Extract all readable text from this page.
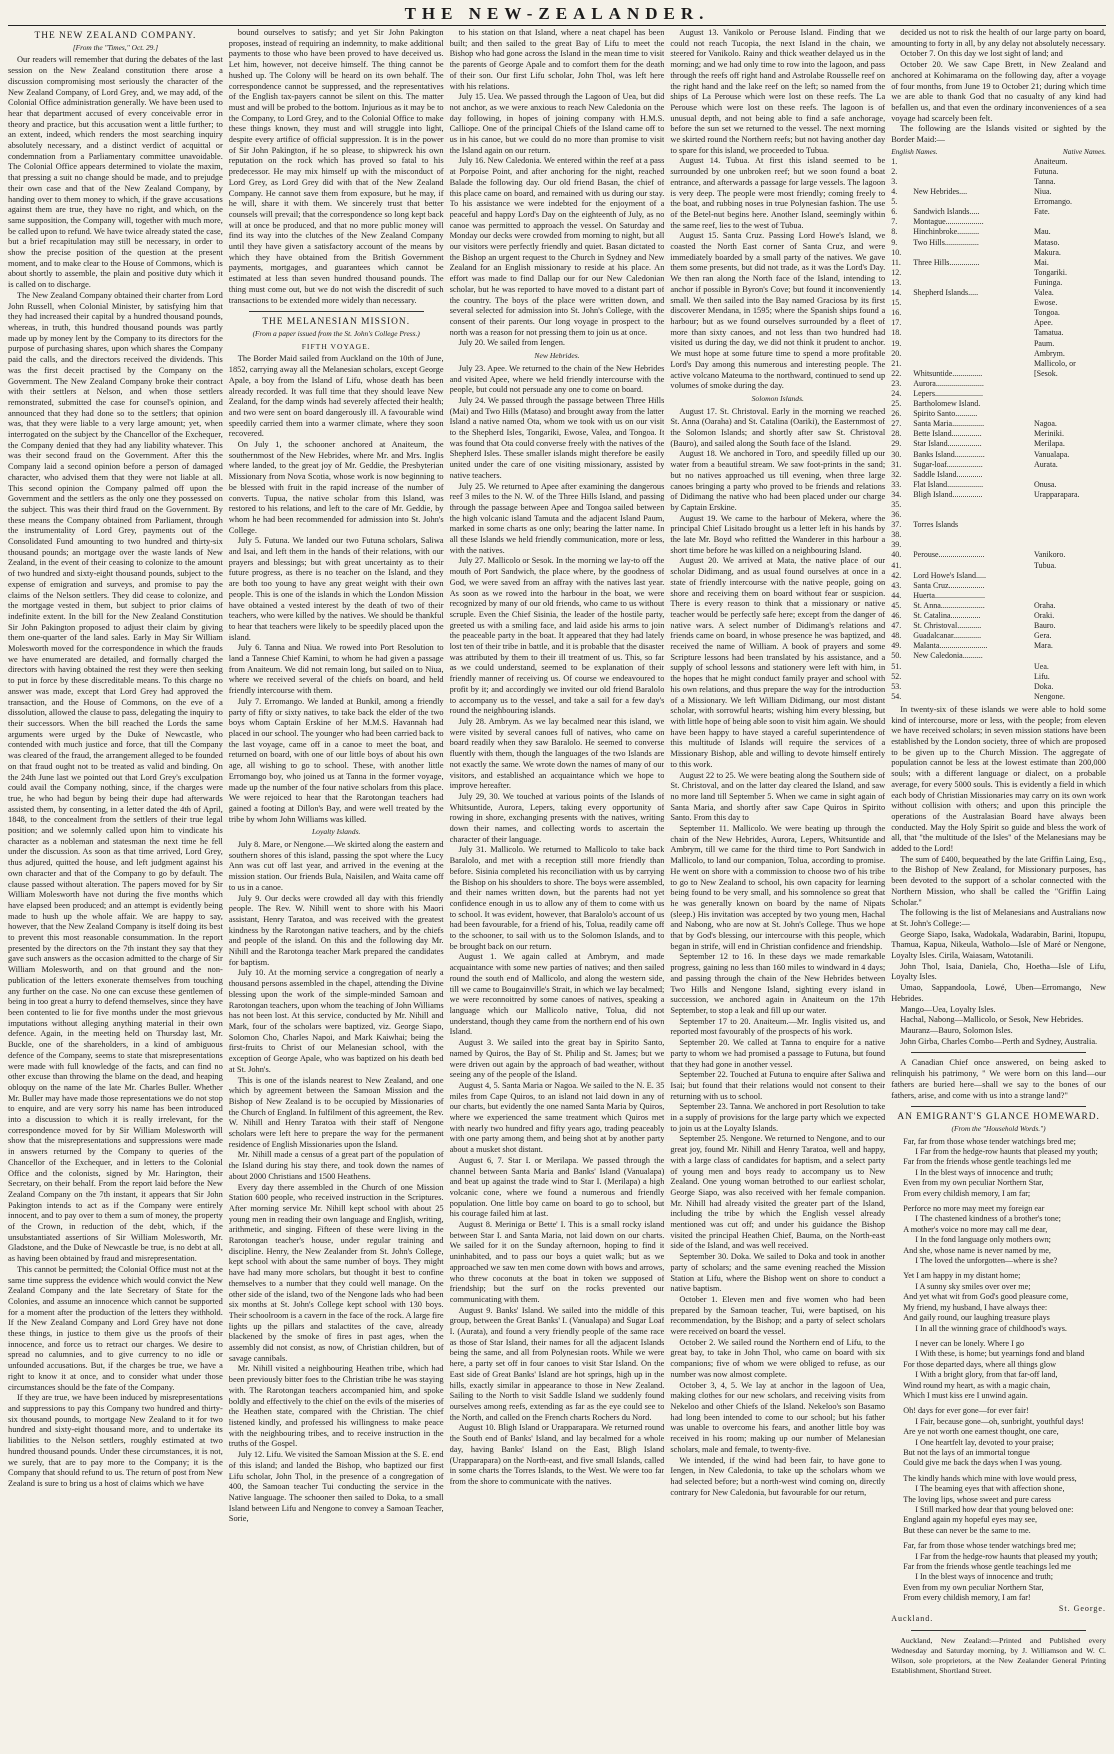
THE NEW-ZEALANDER.
THE NEW ZEALAND COMPANY.
[From the "Times," Oct. 29.]

Our readers will remember that during the debates of the last session on the New Zealand constitution there arose a discussion compromising most seriously the character of the New Zealand Company, of Lord Grey, and, we may add, of the Colonial Office administration generally. We have been used to hear that department accused of every conceivable error in theory and practice, but this accusation went a little further; to an extent, indeed, which renders the most searching inquiry absolutely necessary, and a distinct verdict of acquittal or condemnation from a Parliamentary committee unavoidable. The Colonial Office appears determined to violate the maxim, that pressing a suit no change should be made, and to prejudge their own case and that of the New Zealand Company, by handing over to them money to which, if the grave accusations against them are true, they have no right, and which, on the same supposition, the Company will, together with much more, be called upon to refund. We have twice already stated the case, but a brief recapitulation may still be necessary, in order to show the precise position of the question at the present moment, and to make clear to the House of Commons, which is about shortly to assemble, the plain and positive duty which it is called on to discharge.

The New Zealand Company obtained their charter from Lord John Russell, when Colonial Minister, by satisfying him that they had increased their capital by a hundred thousand pounds, whereas, in truth, this hundred thousand pounds was partly made up by money lent by the Company to its directors for the purpose of purchasing shares, upon which shares the Company paid the calls, and the directors received the dividends. This was the first deceit practised by the Company on the Government. The New Zealand Company broke their contract with their settlers at Nelson, and when those settlers remonstrated, submitted the case for counsel's opinion, and announced that they had done so to the settlers; that opinion was, that they were liable to a very large amount; yet, when interrogated on the subject by the Chancellor of the Exchequer, the Company denied that they had any liability whatever. This was their second fraud on the Government. After this the Company laid a second opinion before a person of damaged character, who advised them that they were not liable at all. This second opinion the Company palmed off upon the Government and the settlers as the only one they possessed on the subject. This was their third fraud on the Government. By these means the Company obtained from Parliament, through the instrumentality of Lord Grey, payments out of the Consolidated Fund amounting to two hundred and thirty-six thousand pounds; an mortgage over the waste lands of New Zealand, in the event of their ceasing to colonize to the amount of two hundred and sixty-eight thousand pounds, subject to the expense of emigration and surveys, and promise to pay the claims of the Nelson settlers. They did cease to colonize, and the mortgage vested in them, but subject to prior claims of indefinite extent. In the bill for the New Zealand Constitution Sir John Pakington proposed to adjust their claim by giving them one-quarter of the land sales. Early in May Sir William Molesworth moved for the correspondence in which the frauds we have enumerated are detailed, and formally charged the directors with having obtained the rest they were then seeking to put in force by these discreditable means. To this charge no answer was made, except that Lord Grey had approved the transaction, and the House of Commons, on the eve of a dissolution, allowed the clause to pass, delegating the inquiry to their successors. When the bill reached the Lords the same arguments were urged by the Duke of Newcastle, who contended with much justice and force, that till the Company was cleared of the fraud, the arrangement alleged to be founded on that fraud ought not to be treated as valid and binding. On the 24th June last we pointed out that Lord Grey's exculpation could avail the Company nothing, since, if the charges were true, he who had begun by being their dupe had afterwards assisted them, by consenting, in a letter dated the 4th of April, 1848, to the concealment from the settlers of their true legal position; and we solemnly called upon him to vindicate his character as a nobleman and statesman the next time he fell under the discussion. As soon as that time arrived, Lord Grey, thus adjured, quitted the house, and left judgment against his own character and that of the Company to go by default. The clause passed without alteration. The papers moved for by Sir William Molesworth have not during the five months which have elapsed been produced; and an attempt is evidently being made to hush up the whole affair. We are happy to say, however, that the New Zealand Company is itself doing its best to prevent this most reasonable consummation. In the report presented by the directors on the 7th instant they say that they gave such answers as the occasion admitted to the charge of Sir William Molesworth, and on that ground and the non-publication of the letters exonerate themselves from touching any further on the case. No one can excuse these gentlemen of being in too great a hurry to defend themselves, since they have been contented to lie for five months under the most grievous imputations without alleging anything material in their own defence. Again, in the meeting held on Thursday last, Mr. Buckle, one of the shareholders, in a kind of ambiguous defence of the Company, seems to state that misrepresentations were made with full knowledge of the facts, and can find no other excuse than throwing the blame on the dead, and heaping obloquy on the name of the late Mr. Charles Buller. Whether Mr. Buller may have made those representations we do not stop to enquire, and are very sorry his name has been introduced into a discussion to which it is really irrelevant, for the correspondence moved for by Sir William Molesworth will show that the misrepresentations and suppressions were made in answers returned by the Company to queries of the Chancellor of the Exchequer, and in letters to the Colonial Office and the colonists, signed by Mr. Harington, their Secretary, on their behalf. From the report laid before the New Zealand Company on the 7th instant, it appears that Sir John Pakington intends to act as if the Company were entirely innocent, and to pay over to them a sum of money, the property of the Crown, in reduction of the debt, which, if the unsubstantiated assertions of Sir William Molesworth, Mr. Gladstone, and the Duke of Newcastle be true, is no debt at all, as having been obtained by fraud and misrepresentation.

This cannot be permitted; the Colonial Office must not at the same time suppress the evidence which would convict the New Zealand Company and the late Secretary of State for the Colonies, and assume an innocence which cannot be supported for a moment after the production of the letters they withhold. If the New Zealand Company and Lord Grey have not done these things, in justice to them give us the proofs of their innocence, and force us to retract our charges. We desire to spread no calumnies, and to give currency to no idle or unfounded accusations. But, if the charges be true, we have a right to know it at once, and to consider what under those circumstances should be the fate of the Company.

If they are true, we have been induced by misrepresentations and suppressions to pay this Company two hundred and thirty-six thousand pounds, to mortgage New Zealand to it for two hundred and sixty-eight thousand more, and to undertake its liabilities to the Nelson settlers, roughly estimated at two hundred thousand pounds. Under these circumstances, it is not, we surely, that are to pay more to the Company; it is the Company that should refund to us. The return of post from New Zealand is sure to bring us a host of claims which we have

bound ourselves to satisfy; and yet Sir John Pakington proposes, instead of requiring an indemnity, to make additional payments to those who have been proved to have deceived us. Let him, however, not deceive himself. The thing cannot be hushed up. The Colony will be heard on its own behalf. The correspondence cannot be suppressed, and the representatives of the English tax-payers cannot be silent on this. The matter must and will be probed to the bottom. Injurious as it may be to the Company, to Lord Grey, and to the Colonial Office to make these things known, they must and will struggle into light, despite every artifice of official suppression. It is in the power of Sir John Pakington, if he so please, to shipwreck his own reputation on the rock which has proved so fatal to his predecessor. He may mix himself up with the misconduct of Lord Grey, as Lord Grey did with that of the New Zealand Company. He cannot save them from exposure, but he may, if he will, share it with them. We sincerely trust that better counsels will prevail; that the correspondence so long kept back will at once be produced, and that no more public money will find its way into the clutches of the New Zealand Company until they have given a satisfactory account of the means by which they have obtained from the British Government payments, mortgages, and guarantees which cannot be estimated at less than seven hundred thousand pounds. The thing must come out, but we do not wish the discredit of such transactions to be extended more widely than necessary.

THE MELANESIAN MISSION.
(From a paper issued from the St. John's College Press.)
FIFTH VOYAGE.

The Border Maid sailed from Auckland on the 10th of June, 1852, carrying away all the Melanesian scholars, except George Apale, a boy from the Island of Lifu, whose death has been already recorded. It was full time that they should leave New Zealand, for the damp winds had severely affected their health; and two were sent on board dangerously ill. A favourable wind speedily carried them into a warmer climate, where they soon recovered.

On July 1, the schooner anchored at Anaiteum, the southernmost of the New Hebrides, where Mr. and Mrs. Inglis where landed, to the great joy of Mr. Geddie, the Presbyterian Missionary from Nova Scotia, whose work is now beginning to be blessed with fruit in the rapid increase of the number of converts. Tupua, the native scholar from this Island, was restored to his relations, and left to the care of Mr. Geddie, by whom he had been recommended for admission into St. John's College.

July 5. Futuna. We landed our two Futuna scholars, Saliwa and Isai, and left them in the hands of their relations, with our prayers and blessings; but with great uncertainty as to their future progress, as there is no teacher on the Island, and they are both too young to have any great weight with their own people. This is one of the islands in which the London Mission have obtained a vested interest by the death of two of their teachers, who were killed by the natives. We should be thankful to hear that teachers were likely to be speedily placed upon the island.

July 6. Tanna and Niua. We rowed into Port Resolution to land a Tannese Chief Kamini, to whom he had given a passage from Anaiteum. We did not remain long, but sailed on to Niua, where we received several of the chiefs on board, and held friendly intercourse with them.

July 7. Erromango. We landed at Bunkil, among a friendly party of fifty or sixty natives, to take back the elder of the two boys whom Captain Erskine of her M.M.S. Havannah had placed in our school. The younger who had been carried back to the last voyage, came off in a canoe to meet the boat, and returned on board, with one of our little boys of about his own age, all wishing to go to school. These, with another little Erromango boy, who joined us at Tanna in the former voyage, made up the number of the four native scholars from this place. We were rejoiced to hear that the Rarotongan teachers had gained a footing at Dillon's Bay, and were well treated by the tribe by whom John Williams was killed.

Loyalty Islands.

July 8. Mare, or Nengone.—We skirted along the eastern and southern shores of this island, passing the spot where the Lucy Ann was cut off last year, and arrived in the evening at the mission station. Our friends Bula, Naisilen, and Waita came off to us in a canoe.

July 9. Our decks were crowded all day with this friendly people. The Rev. W. Nihill went to shore with his Maori assistant, Henry Taratoa, and was received with the greatest kindness by the Rarotongan native teachers, and by the chiefs and people of the island. On this and the following day Mr. Nihill and the Rarotonga teacher Mark prepared the candidates for baptism.

July 10. At the morning service a congregation of nearly a thousand persons assembled in the chapel, attending the Divine blessing upon the work of the simple-minded Samoan and Rarotongan teachers, upon whom the teaching of John Williams has not been lost. At this service, conducted by Mr. Nihill and Mark, four of the scholars were baptized, viz. George Siapo, Solomon Cho, Charles Napoi, and Mark Kaiwhai; being the first-fruits to Christ of our Melanesian school, with the exception of George Apale, who was baptized on his death bed at St. John's.

This is one of the islands nearest to New Zealand, and one which by agreement between the Samoan Mission and the Bishop of New Zealand is to be occupied by Missionaries of the Church of England. In fulfilment of this agreement, the Rev. W. Nihill and Henry Taratoa with their staff of Nengone scholars were left here to prepare the way for the permanent residence of English Missionaries upon the Island.

Mr. Nihill made a census of a great part of the population of the Island during his stay there, and took down the names of about 2000 Christians and 1500 Heathens.

Every day there assembled in the Church of one Mission Station 600 people, who received instruction in the Scriptures. After morning service Mr. Nihill kept school with about 25 young men in reading their own language and English, writing, arithmetic, and singing. Fifteen of these were living in the Rarotongan teacher's house, under regular training and discipline. Henry, the New Zealander from St. John's College, kept school with about the same number of boys. They might have had many more scholars, but thought it best to confine themselves to a number that they could well manage. On the other side of the island, two of the Nengone lads who had been six months at St. John's College kept school with 130 boys. Their schoolroom is a cavern in the face of the rock. A large fire lights up the pillars and stalactites of the cave, already blackened by the smoke of fires in past ages, when the assembly did not consist, as now, of Christian children, but of savage cannibals.

Mr. Nihill visited a neighbouring Heathen tribe, which had been previously bitter foes to the Christian tribe he was staying with. The Rarotongan teachers accompanied him, and spoke boldly and effectively to the chief on the evils of the miseries of the Heathen state, compared with the Christian. The chief listened kindly, and professed his willingness to make peace with the neighbouring tribes, and to receive instruction in the truths of the Gospel.

July 12. Lifu. We visited the Samoan Mission at the S. E. end of this island; and landed the Bishop, who baptized our first Lifu scholar, John Thol, in the presence of a congregation of 400, the Samoan teacher Tui conducting the service in the Native language. The schooner then sailed to Doka, to a small Island between Lifu and Nengone to convey a Samoan Teacher, Sorie,

to his station on that Island, where a neat chapel has been built; and then sailed to the great Bay of Lifu to meet the Bishop who had gone across the Island in the mean time to visit the parents of George Apale and to comfort them for the death of their son. Our first Lifu scholar, John Thol, was left here with his relations.

July 15. Uea. We passed through the Lagoon of Uea, but did not anchor, as we were anxious to reach New Caledonia on the day following, in hopes of joining company with H.M.S. Calliope. One of the principal Chiefs of the Island came off to us in his canoe, but we could do no more than promise to visit the Island again on our return.

July 16. New Caledonia. We entered within the reef at a pass at Porpoise Point, and after anchoring for the night, reached Balade the following day. Our old friend Basan, the chief of this place came on board, and remained with us during our stay. To his assistance we were indebted for the enjoyment of a peaceful and happy Lord's Day on the eighteenth of July, as no canoe was permitted to approach the vessel. On Saturday and Monday our decks were crowded from morning to night, but all our visitors were perfectly friendly and quiet. Basan dictated to the Bishop an urgent request to the Church in Sydney and New Zealand for an English missionary to reside at his place. An effort was made to find Dallap our for our New Caledonian scholar, but he was reported to have moved to a distant part of the country. The boys of the place were written down, and several selected for admission into St. John's College, with the consent of their parents. Our long voyage in prospect to the north was a reason for not pressing them to join us at once.

July 20. We sailed from Iengen.

New Hebrides.

July 23. Apee. We returned to the chain of the New Hebrides and visited Apee, where we held friendly intercourse with the people, but could not persuade any one to come on board.

July 24. We passed through the passage between Three Hills (Mai) and Two Hills (Mataso) and brought away from the latter Island a native named Ota, whom we took with us on our visit to the Shepherd Isles, Tongariki, Ewose, Valea, and Tongoa. It was found that Ota could converse freely with the natives of the Shepherd Isles. These smaller islands might therefore be easily united under the care of one visiting missionary, assisted by native teachers.

July 25. We returned to Apee after examining the dangerous reef 3 miles to the N. W. of the Three Hills Island, and passing through the passage between Apee and Tongoa sailed between the high volcanic island Tamuta and the adjacent Island Paum, marked in some charts as one only; bearing the latter name. In all these Islands we held friendly communication, more or less, with the natives.

July 27. Mallicolo or Sesok. In the morning we lay-to off the mouth of Port Sandwich, the place where, by the goodness of God, we were saved from an affray with the natives last year. As soon as we rowed into the harbour in the boat, we were recognized by many of our old friends, who came to us without scruple. Even the Chief Sisinia, the leader of the hostile party, greeted us with a smiling face, and laid aside his arms to join the peaceable party in the boat. It appeared that they had lately lost ten of their tribe in battle, and it is probable that the disaster was attributed by them to their ill treatment of us. This, so far as we could understand, seemed to be explanation of their friendly manner of receiving us. Of course we endeavoured to profit by it; and accordingly we invited our old friend Baralolo to accompany us to the vessel, and take a sail for a few day's round the neighbouring islands.

July 28. Ambrym. As we lay becalmed near this island, we were visited by several canoes full of natives, who came on board readily when they saw Baralolo. He seemed to converse fluently with them, though the languages of the two Islands are not exactly the same. We wrote down the names of many of our visitors, and established an acquaintance which we hope to improve hereafter.

July 29, 30. We touched at various points of the Islands of Whitsuntide, Aurora, Lepers, taking every opportunity of rowing in shore, exchanging presents with the natives, writing down their names, and collecting words to ascertain the character of their language.

July 31. Mallicolo. We returned to Mallicolo to take back Baralolo, and met with a reception still more friendly than before. Sisinia completed his reconciliation with us by carrying the Bishop on his shoulders to shore. The boys were assembled, and their names written down, but the parents had not yet confidence enough in us to allow any of them to come with us to school. It was evident, however, that Baralolo's account of us had been favourable, for a friend of his, Tolua, readily came off to the schooner, to sail with us to the Solomon Islands, and to be brought back on our return.

August 1. We again called at Ambrym, and made acquaintance with some new parties of natives; and then sailed round the south end of Mallicolo, and along the western side, till we came to Bougainville's Strait, in which we lay becalmed; we were reconnoitred by some canoes of natives, speaking a language which our Mallicolo native, Tolua, did not understand, though they came from the northern end of his own Island.

August 3. We sailed into the great bay in Spirito Santo, named by Quiros, the Bay of St. Philip and St. James; but we were driven out again by the approach of bad weather, without seeing any of the people of the Island.

August 4, 5. Santa Maria or Nagoa. We sailed to the N. E. 35 miles from Cape Quiros, to an island not laid down in any of our charts, but evidently the one named Santa Maria by Quiros, where we experienced the same treatment which Quiros met with nearly two hundred and fifty years ago, trading peaceably with one party among them, and being shot at by another party about a musket shot distant.

August 6, 7. Star I. or Merilapa. We passed through the channel between Santa Maria and Banks' Island (Vanualapa) and beat up against the trade wind to Star I. (Merilapa) a high volcanic cone, where we found a numerous and friendly population. One little boy came on board to go to school, but his courage failed him at last.

August 8. Meriniga or Bette' I. This is a small rocky island between Star I. and Santa Maria, not laid down on our charts. We sailed for it on the Sunday afternoon, hoping to find it uninhabited, and to pass our boys a quiet walk; but as we approached we saw ten men come down with bows and arrows, who threw coconuts at the boat in token we supposed of friendship; but the surf on the rocks prevented our communicating with them.

August 9. Banks' Island. We sailed into the middle of this group, between the Great Banks' I. (Vanualapa) and Sugar Loaf I. (Aurata), and found a very friendly people of the same race as those of Star Island, their names for all the adjacent Islands being the same, and all from Polynesian roots. While we were here, a party set off in four canoes to visit Star Island. On the East side of Great Banks' Island are hot springs, high up in the hills, exactly similar in appearance to those in New Zealand. Sailing to the North to visit Saddle Island we suddenly found ourselves among reefs, extending as far as the eye could see to the North, and called on the French charts Rochers du Nord.

August 10. Bligh Island or Urapparapara. We returned round the South end of Banks' Island, and lay becalmed for a whole day, having Banks' Island on the East, Bligh Island (Urapparapara) on the North-east, and five small Islands, called in some charts the Torres Islands, to the West. We were too far from the shore to communicate with the natives.

August 13. Vanikolo or Perouse Island. Finding that we could not reach Tucopia, the next Island in the chain, we steered for Vanikolo. Rainy and thick weather delayed us in the morning; and we had only time to row into the lagoon, and pass through the reefs off right hand and Astrolabe Rousselle reef on the right hand and the lake reef on the left; so named from the ships of La Perouse which were lost on these reefs. The La Perouse which were lost on these reefs. The lagoon is of unusual depth, and not being able to find a safe anchorage, before the sun set we returned to the vessel. The next morning we skirted round the Northern reefs; but not having another day to spare for this island, we proceeded to Tubua.

August 14. Tubua. At first this island seemed to be surrounded by one unbroken reef; but we soon found a boat entrance, and afterwards a passage for large vessels. The lagoon is very deep. The people were most friendly; coming freely to the boat, and rubbing noses in true Polynesian fashion. The use of the Betel-nut begins here. Another Island, seemingly within the same reef, lies to the west of Tubua.

August 15. Santa Cruz. Passing Lord Howe's Island, we coasted the North East corner of Santa Cruz, and were immediately boarded by a small party of the natives. We gave them some presents, but did not trade, as it was the Lord's Day. We then ran along the North face of the Island, intending to anchor if possible in Byron's Cove; but found it inconveniently small. We then sailed into the Bay named Graciosa by its first discoverer Mendana, in 1595; where the Spanish ships found a harbour; but as we found ourselves surrounded by a fleet of more than sixty canoes, and not less than two hundred had visited us during the day, we did not think it prudent to anchor. We must hope at some future time to spend a more profitable Lord's Day among this numerous and interesting people. The active volcano Mateuma to the northward, continued to send up volumes of smoke during the day.

Solomon Islands.

August 17. St. Christoval. Early in the morning we reached St. Anna (Oaraha) and St. Catalina (Oariki), the Easternmost of the Solomon Islands; and shortly after saw St. Christoval (Bauro), and sailed along the South face of the Island.

August 18. We anchored in Toro, and speedily filled up our water from a beautiful stream. We saw foot-prints in the sand; but no natives approached us till evening, when three large canoes bringing a party who proved to be friends and relations of Didimang the native who had been placed under our charge by Captain Erskine.

August 19. We came to the harbour of Mekera, where the principal Chief Lisitado brought us a letter left in his hands by the late Mr. Boyd who refitted the Wanderer in this harbour a short time before he was killed on a neighbouring Island.

August 20. We arrived at Mata, the native place of our scholar Didimang, and as usual found ourselves at once in a state of friendly intercourse with the native people, going on shore and receiving them on board without fear or suspicion. There is every reason to think that a missionary or native teacher would be perfectly safe here; except from the danger of native wars. A select number of Didimang's relations and friends came on board, in whose presence he was baptized, and received the name of William. A book of prayers and some Scripture lessons had been translated by his assistance, and a supply of school lessons and stationery were left with him, in the hopes that he might conduct family prayer and school with his own relations, and thus prepare the way for the introduction of a Missionary. We left William Didimang, our most distant scholar, with sorrowful hearts; wishing him every blessing, but with little hope of being able soon to visit him again. We should have been happy to have stayed a careful superintendence of this multitude of Islands will require the services of a Missionary Bishop, able and willing to devote himself entirely to this work.

August 22 to 25. We were beating along the Southern side of St. Christoval, and on the latter day cleared the Island, and saw no more land till September 5. When we came in sight again of Santa Maria, and shortly after saw Cape Quiros in Spirito Santo. From this day to

September 11. Mallicolo. We were beating up through the chain of the New Hebrides, Aurora, Lepers, Whitsuntide and Ambrym, till we came for the third time to Port Sandwich in Mallicolo, to land our companion, Tolua, according to promise. He went on shore with a commission to choose two of his tribe to go to New Zealand to school, his own capacity for learning being found to be very small, and his somnolence so great that he was generally known on board by the name of Nipats (sleep.) His invitation was accepted by two young men, Hachal and Nabong, who are now at St. John's College. Thus we hope that by God's blessing, our intercourse with this people, which began in strife, will end in Christian confidence and friendship.

September 12 to 16. In these days we made remarkable progress, gaining no less than 160 miles to windward in 4 days; and passing through the chain of the New Hebrides between Two Hills and Nengone Island, sighting every island in succession, we anchored again in Anaiteum on the 17th September, to stop a leak and fill up our water.

September 17 to 20. Anaiteum.—Mr. Inglis visited us, and reported most favourably of the prospects of his work.

September 20. We called at Tanna to enquire for a native party to whom we had promised a passage to Futuna, but found that they had gone in another vessel.

September 22. Touched at Futuna to enquire after Saliwa and Isai; but found that their relations would not consent to their returning with us to school.

September 23. Tanna. We anchored in port Resolution to take in a supply of provisions for the large party which we expected to join us at the Loyalty Islands.

September 25. Nengone. We returned to Nengone, and to our great joy, found Mr. Nihill and Henry Taratoa, well and happy, with a large class of candidates for baptism, and a select party of young men and boys ready to accompany us to New Zealand. One young woman betrothed to our earliest scholar, George Siapo, was also received with her female companion. Mr. Nihill had already visited the greater part of the Island, including the tribe by which the English vessel already mentioned was cut off; and under his guidance the Bishop visited the principal Heathen Chief, Bauma, on the North-east side of the Island, and was well received.

September 30. Doka. We sailed to Doka and took in another party of scholars; and the same evening reached the Mission Station at Lifu, where the Bishop went on shore to conduct a native baptism.

October 1. Eleven men and five women who had been prepared by the Samoan teacher, Tui, were baptised, on his recommendation, by the Bishop; and a party of select scholars were received on board the vessel.

October 2. We sailed round the Northern end of Lifu, to the great bay, to take in John Thol, who came on board with six companions; five of whom we were obliged to refuse, as our number was now almost complete.

October 3, 4, 5. We lay at anchor in the lagoon of Uea, making clothes for our new scholars, and receiving visits from Nekeloo and other Chiefs of the Island. Nekeloo's son Basamo had long been intended to come to our school; but his father was unable to overcome his fears, and another little boy was received in his room; making up our number of Melanesian scholars, male and female, to twenty-five.

We intended, if the wind had been fair, to have gone to Iengen, in New Caledonia, to take up the scholars whom we had selected before; but a north-west wind coming on, directly contrary for New Caledonia, but favourable for our return,

decided us not to risk the health of our large party on board, amounting to forty in all, by any delay not absolutely necessary.

October 7. On this day we lost sight of land; and

October 20. We saw Cape Brett, in New Zealand and anchored at Kohimarama on the following day, after a voyage of four months, from June 19 to October 21; during which time we are able to thank God that no casualty of any kind had befallen us, and that even the ordinary inconveniences of a sea voyage had scarcely been felt.

The following are the Islands visited or sighted by the Border Maid:—

English Names.	Native Names.
1.	Anaiteum.
2.	Futuna.
3.	Tanna.
4.	New Hebrides....	Niua.
5.	Erromango.
6.	Sandwich Islands.....	Fate.
7.	Montague...................
8.	Hinchinbroke...........	Mau.
9.	Two Hills.................	Mataso.
10.	Makura.
11.	Three Hills...............	Mai.
12.	Tongariki.
13.	Funinga.
14.	Shepherd Islands.....	Valea.
15.	Ewose.
16.	Tongoa.
17.	Apee.
18.	Tamatua.
19.	Paum.
20.	Ambrym.
21.	Mallicolo, or
22.	Whitsuntide...............	[Sesok.
23.	Aurora........................
24.	Lepers........................
25.	Bartholomew Island.
26.	Spirito Santo...........
27.	Santa Maria................	Nagoa.
28.	Bette Island...............	Meriniki.
29.	Star Island.................	Merilapa.
30.	Banks Island...............	Vanualapa.
31.	Sugar-loaf..................	Aurata.
32.	Saddle Island.............
33.	Flat Island..................	Onusa.
34.	Bligh Island...............	Urapparapara.
35.
36.
37.	Torres Islands
38.
39.
40.	Perouse.......................	Vanikoro.
41.	Tubua.
42.	Lord Howe's Island.....
43.	Santa Cruz..................
44.	Huerta.........................
45.	St. Anna......................	Oraha.
46.	St. Catalina...............	Oraki.
47.	St. Christoval............	Bauro.
48.	Guadalcanar..............	Gera.
49.	Malanta........................	Mara.
50.	New Caledonia..........
51.	Uea.
52.	Lifu.
53.	Doka.
54.	Nengone.

In twenty-six of these islands we were able to hold some kind of intercourse, more or less, with the people; from eleven we have received scholars; in seven mission stations have been established by the London society, three of which are proposed to be given up to the Church Mission. The aggregate of population cannot be less at the lowest estimate than 200,000 souls; with a different language or dialect, on a probable average, for every 5000 souls. This is evidently a field in which each body of Christian Missionaries may carry on its own work without collision with others; and upon this principle the operations of the Australasian Board have always been conducted. May the Holy Spirit so guide and bless the work of all, that "the multitude of the Isles" of the Melanesians may be added to the Lord!

The sum of £400, bequeathed by the late Griffin Laing, Esq., to the Bishop of New Zealand, for Missionary purposes, has been devoted to the support of a scholar connected with the Northern Mission, who shall be called the "Griffin Laing Scholar."

The following is the list of Melanesians and Australians now at St. John's College:—

George Siapo, Isaka, Wadokala, Wadarabin, Barini, Itopupu, Thamua, Kapua, Nikeula, Watholo—Isle of Maré or Nengone, Loyalty Isles. Cirila, Waiasam, Watotanili.

John Thol, Isaia, Daniela, Cho, Hoetha—Isle of Lifu, Loyalty Isles.

Umao, Sappandoola, Lowé, Uben—Erromango, New Hebrides.

Mango—Uea, Loyalty Isles.

Hachal, Nabong—Mallicolo, or Sesok, New Hebrides.

Mauranz—Bauro, Solomon Isles.

John Girba, Charles Combo—Perth and Sydney, Australia.

A Canadian Chief once answered, on being asked to relinquish his patrimony, " We were born on this land—our fathers are buried here—shall we say to the bones of our fathers, arise, and come with us into a strange land?"

AN EMIGRANT'S GLANCE HOMEWARD.
(From the "Household Words.")
Far, far from those whose tender watchings bred me;
I Far from the hedge-row haunts that pleased my youth;
Far from the friends whose gentle teachings led me
I In the blest ways of innocence and truth;
Even from my own peculiar Northern Star,
From every childish memory, I am far;
Perforce no more may meet my foreign ear
I The chastened kindness of a brother's tone;
A mother's voice no more may call me dear,
I In the fond language only mothers own;
And she, whose name is never named by me,
I The loved the unforgotten—where is she?
Yet I am happy in my distant home;
I A sunny sky smiles over over me;
And yet what wit from God's good pleasure come,
My friend, my husband, I have always thee:
And gaily round, our laughing treasure plays
I In all the winning grace of childhood's ways.
I never can be lonely. Where I go
I With these, is home; but yearnings fond and bland
For those departed days, where all things glow
I With a bright glory, from that far-off land,
Wind round my heart, as with a magic chain,
Which I must kiss ere I unwind again.
Oh! days for ever gone—for ever fair!
I Fair, because gone—oh, sunbright, youthful days!
Are ye not worth one earnest thought, one care,
I One heartfelt lay, devoted to your praise;
But not the lays of an immortal tongue
Could give me back the days when I was young.
The kindly hands which mine with love would press,
I The beaming eyes that with affection shone,
The loving lips, whose sweet and pure caress
I Still marked how dear that young beloved one:
England again my hopeful eyes may see,
But these can never be the same to me.
Far, far from those whose tender watchings bred me;
I Far from the hedge-row haunts that pleased my youth;
Far from the friends whose gentle teachings led me
I In the blest ways of innocence and truth;
Even from my own peculiar Northern Star,
From every childish memory, I am far!
St. George.
Auckland.

Auckland, New Zealand:—Printed and Published every Wednesday and Saturday morning, by J. Williamson and W. C. Wilson, sole proprietors, at the New Zealander General Printing Establishment, Shortland Street.
